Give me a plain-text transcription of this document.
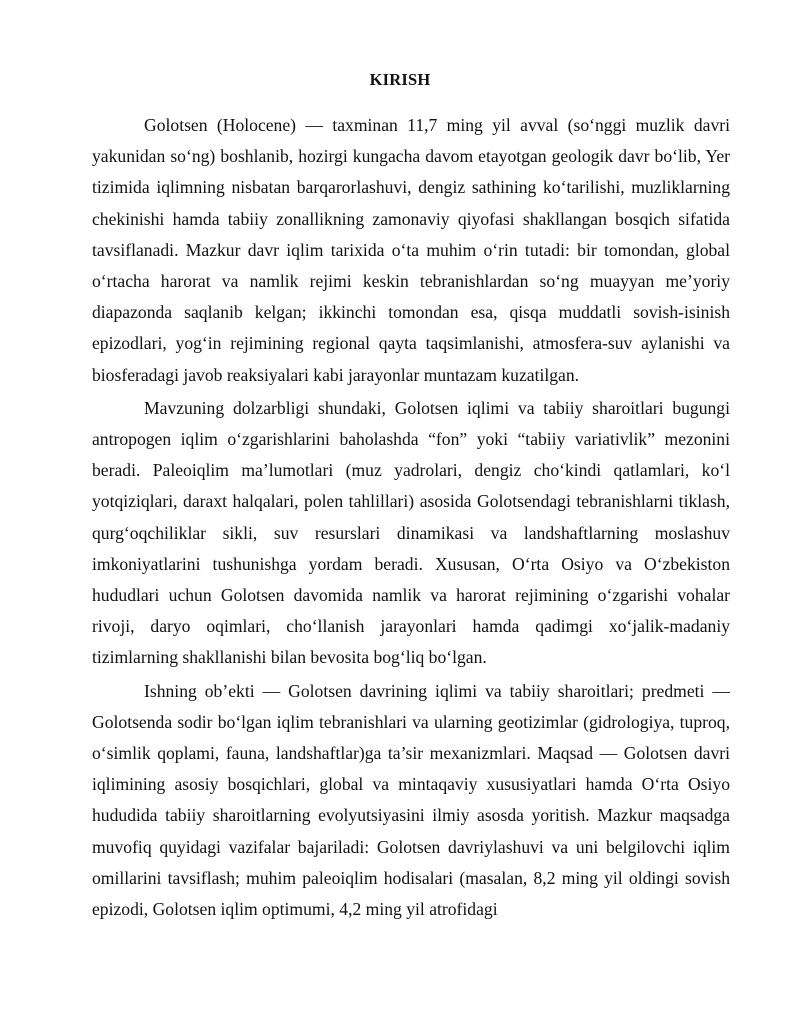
KIRISH

Golotsen (Holocene) — taxminan 11,7 ming yil avval (so‘nggi muzlik davri yakunidan so‘ng) boshlanib, hozirgi kungacha davom etayotgan geologik davr bo‘lib, Yer tizimida iqlimning nisbatan barqarorlashuvi, dengiz sathining ko‘tarilishi, muzliklarning chekinishi hamda tabiiy zonallikning zamonaviy qiyofasi shakllangan bosqich sifatida tavsiflanadi. Mazkur davr iqlim tarixida o‘ta muhim o‘rin tutadi: bir tomondan, global o‘rtacha harorat va namlik rejimi keskin tebranishlardan so‘ng muayyan me’yoriy diapazonda saqlanib kelgan; ikkinchi tomondan esa, qisqa muddatli sovish-isinish epizodlari, yog‘in rejimining regional qayta taqsimlanishi, atmosfera-suv aylanishi va biosferadagi javob reaksiyalari kabi jarayonlar muntazam kuzatilgan.

Mavzuning dolzarbligi shundaki, Golotsen iqlimi va tabiiy sharoitlari bugungi antropogen iqlim o‘zgarishlarini baholashda “fon” yoki “tabiiy variativlik” mezonini beradi. Paleoiqlim ma’lumotlari (muz yadrolari, dengiz cho‘kindi qatlamlari, ko‘l yotqiziqlari, daraxt halqalari, polen tahlillari) asosida Golotsendagi tebranishlarni tiklash, qurg‘oqchiliklar sikli, suv resurslari dinamikasi va landshaftlarning moslashuv imkoniyatlarini tushunishga yordam beradi. Xususan, O‘rta Osiyo va O‘zbekiston hududlari uchun Golotsen davomida namlik va harorat rejimining o‘zgarishi vohalar rivoji, daryo oqimlari, cho‘llanish jarayonlari hamda qadimgi xo‘jalik-madaniy tizimlarning shakllanishi bilan bevosita bog‘liq bo‘lgan.

Ishning ob’ekti — Golotsen davrining iqlimi va tabiiy sharoitlari; predmeti — Golotsenda sodir bo‘lgan iqlim tebranishlari va ularning geotizimlar (gidrologiya, tuproq, o‘simlik qoplami, fauna, landshaftlar)ga ta’sir mexanizmlari. Maqsad — Golotsen davri iqlimining asosiy bosqichlari, global va mintaqaviy xususiyatlari hamda O‘rta Osiyo hududida tabiiy sharoitlarning evolyutsiyasini ilmiy asosda yoritish. Mazkur maqsadga muvofiq quyidagi vazifalar bajariladi: Golotsen davriylashuvi va uni belgilovchi iqlim omillarini tavsiflash; muhim paleoiqlim hodisalari (masalan, 8,2 ming yil oldingi sovish epizodi, Golotsen iqlim optimumi, 4,2 ming yil atrofidagi
